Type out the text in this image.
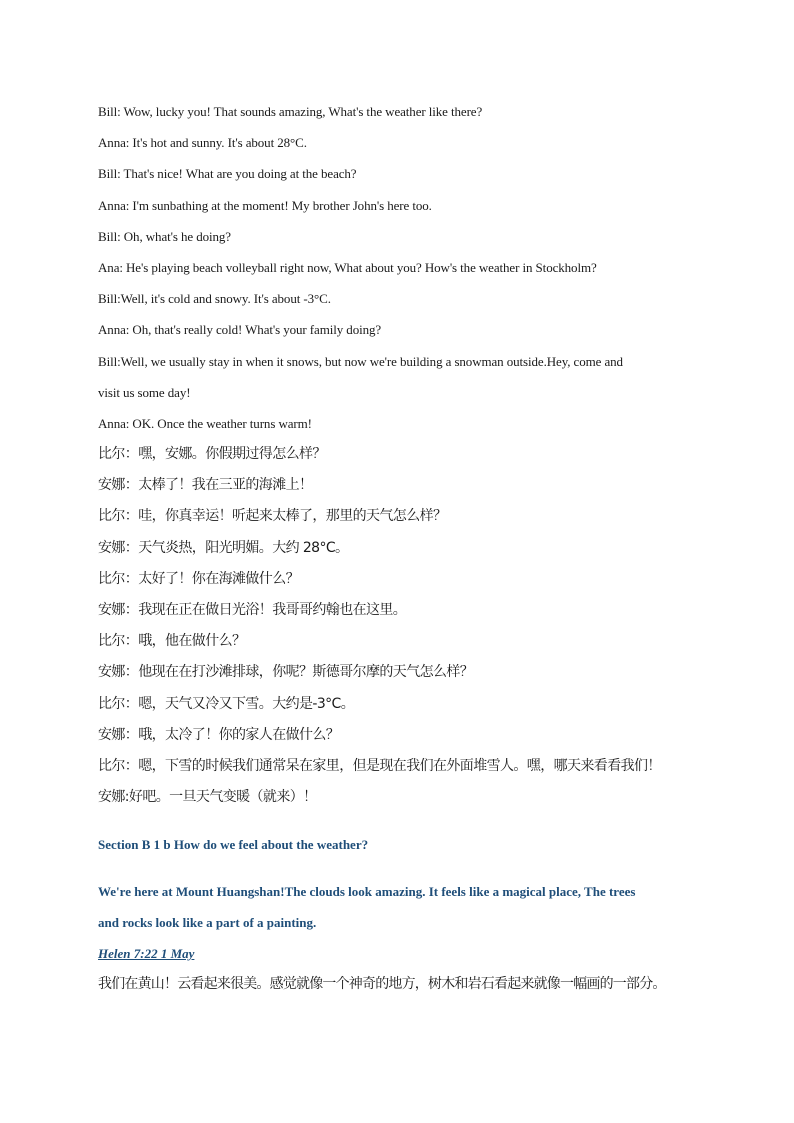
Bill: Wow, lucky you! That sounds amazing, What's the weather like there?
Anna: It's hot and sunny. It's about 28°C.
Bill: That's nice! What are you doing at the beach?
Anna: I'm sunbathing at the moment! My brother John's here too.
Bill: Oh, what's he doing?
Ana: He's playing beach volleyball right now, What about you? How's the weather in Stockholm?
Bill:Well, it's cold and snowy. It's about -3°C.
Anna: Oh, that's really cold! What's your family doing?
Bill:Well, we usually stay in when it snows, but now we're building a snowman outside.Hey, come and
visit us some day!
Anna: OK. Once the weather turns warm!
比尔：嘿，安娜。你假期过得怎么样？
安娜：太棒了！我在三亚的海滩上！
比尔：哇，你真幸运！听起来太棒了，那里的天气怎么样？
安娜：天气炎热，阳光明媚。大约 28°C。
比尔：太好了！你在海滩做什么？
安娜：我现在正在做日光浴！我哥哥约翰也在这里。
比尔：哦，他在做什么？
安娜：他现在在打沙滩排球，你呢？斯德哥尔摩的天气怎么样？
比尔：嗯，天气又冷又下雪。大约是-3°C。
安娜：哦，太冷了！你的家人在做什么？
比尔：嗯，下雪的时候我们通常呆在家里，但是现在我们在外面堆雪人。嘿，哪天来看看我们！
安娜:好吧。一旦天气变暖（就来）！
Section B 1 b How do we feel about the weather?
We're here at Mount Huangshan!The clouds look amazing. It feels like a magical place, The trees
and rocks look like a part of a painting.
Helen 7:22 1 May
我们在黄山！云看起来很美。感觉就像一个神奇的地方，树木和岩石看起来就像一幅画的一部分。
